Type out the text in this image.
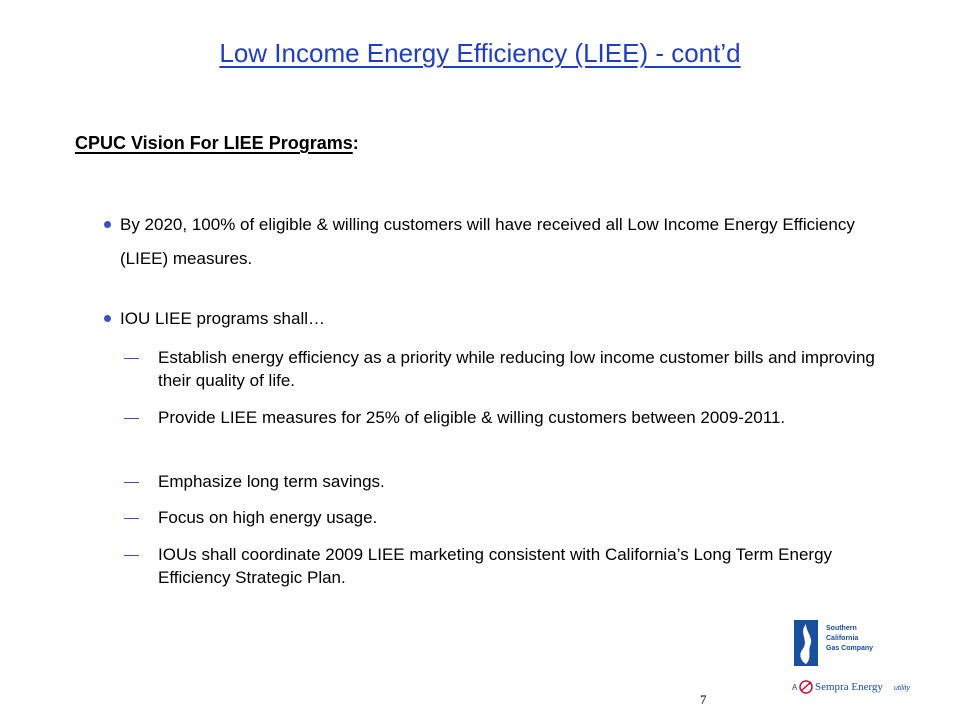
Low Income Energy Efficiency (LIEE) - cont’d
CPUC Vision For LIEE Programs:
By 2020, 100% of eligible & willing customers will have received all Low Income Energy Efficiency (LIEE) measures.
IOU LIEE programs shall…
Establish energy efficiency as a priority while reducing low income customer bills and improving their quality of life.
Provide LIEE measures for 25% of eligible & willing customers between 2009-2011.
Emphasize long term savings.
Focus on high energy usage.
IOUs shall coordinate 2009 LIEE marketing consistent with California’s Long Term Energy Efficiency Strategic Plan.
Southern
California
Gas Company
A Sempra Energy utility
7
